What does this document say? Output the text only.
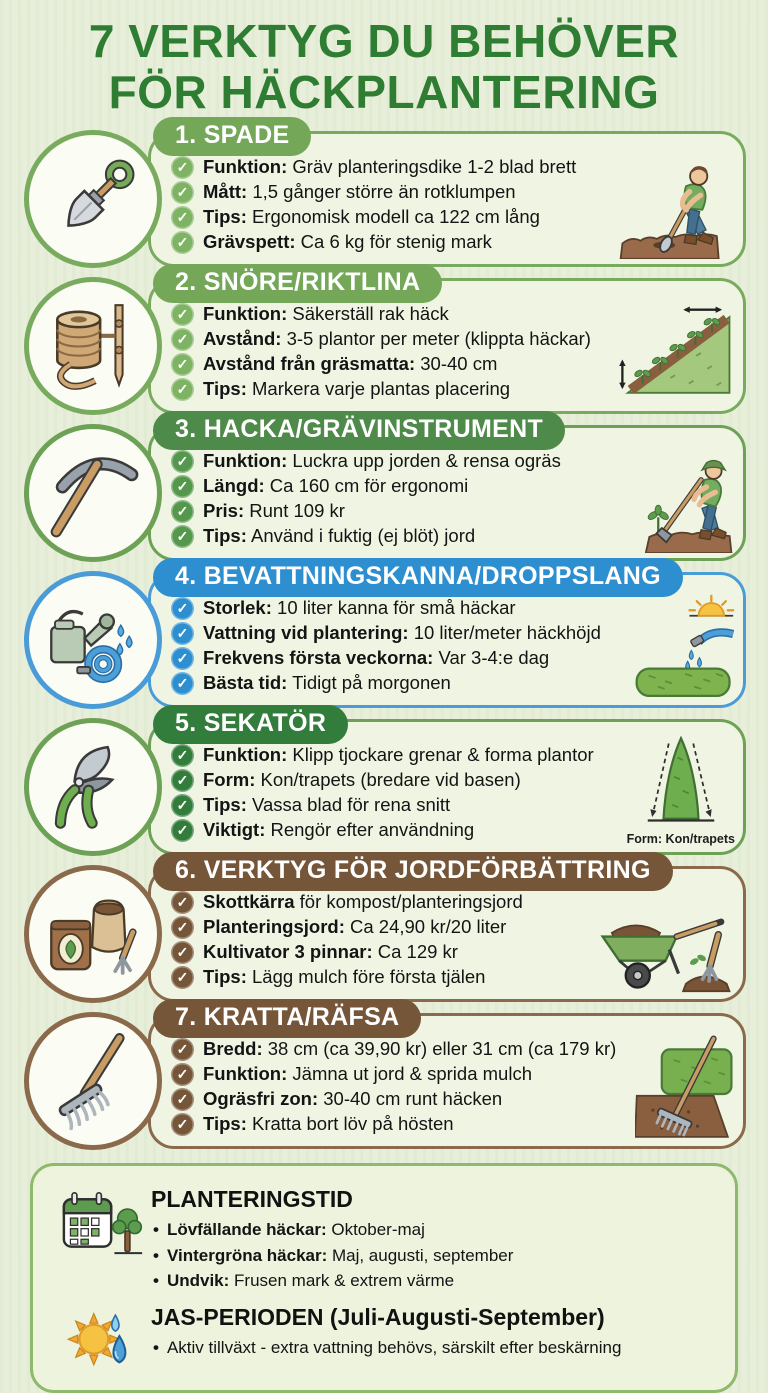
7 VERKTYG DU BEHÖVER
FÖR HÄCKPLANTERING
1. SPADE
✓ Funktion: Gräv planteringsdike 1-2 blad brett
✓ Mått: 1,5 gånger större än rotklumpen
✓ Tips: Ergonomisk modell ca 122 cm lång
✓ Grävspett: Ca 6 kg för stenig mark
2. SNÖRE/RIKTLINA
✓ Funktion: Säkerställ rak häck
✓ Avstånd: 3-5 plantor per meter (klippta häckar)
✓ Avstånd från gräsmatta: 30-40 cm
✓ Tips: Markera varje plantas placering
3. HACKA/GRÄVINSTRUMENT
✓ Funktion: Luckra upp jorden & rensa ogräs
✓ Längd: Ca 160 cm för ergonomi
✓ Pris: Runt 109 kr
✓ Tips: Använd i fuktig (ej blöt) jord
4. BEVATTNINGSKANNA/DROPPSLANG
✓ Storlek: 10 liter kanna för små häckar
✓ Vattning vid plantering: 10 liter/meter häckhöjd
✓ Frekvens första veckorna: Var 3-4:e dag
✓ Bästa tid: Tidigt på morgonen
5. SEKATÖR
✓ Funktion: Klipp tjockare grenar & forma plantor
✓ Form: Kon/trapets (bredare vid basen)
✓ Tips: Vassa blad för rena snitt
✓ Viktigt: Rengör efter användning	Form: Kon/trapets
6. VERKTYG FÖR JORDFÖRBÄTTRING
✓ Skottkärra för kompost/planteringsjord
✓ Planteringsjord: Ca 24,90 kr/20 liter
✓ Kultivator 3 pinnar: Ca 129 kr
✓ Tips: Lägg mulch före första tjälen
7. KRATTA/RÄFSA
✓ Bredd: 38 cm (ca 39,90 kr) eller 31 cm (ca 179 kr)
✓ Funktion: Jämna ut jord & sprida mulch
✓ Ogräsfri zon: 30-40 cm runt häcken
✓ Tips: Kratta bort löv på hösten
PLANTERINGSTID
• Lövfällande häckar: Oktober-maj
• Vintergröna häckar: Maj, augusti, september
• Undvik: Frusen mark & extrem värme
JAS-PERIODEN (Juli-Augusti-September)
• Aktiv tillväxt - extra vattning behövs, särskilt efter beskärning
